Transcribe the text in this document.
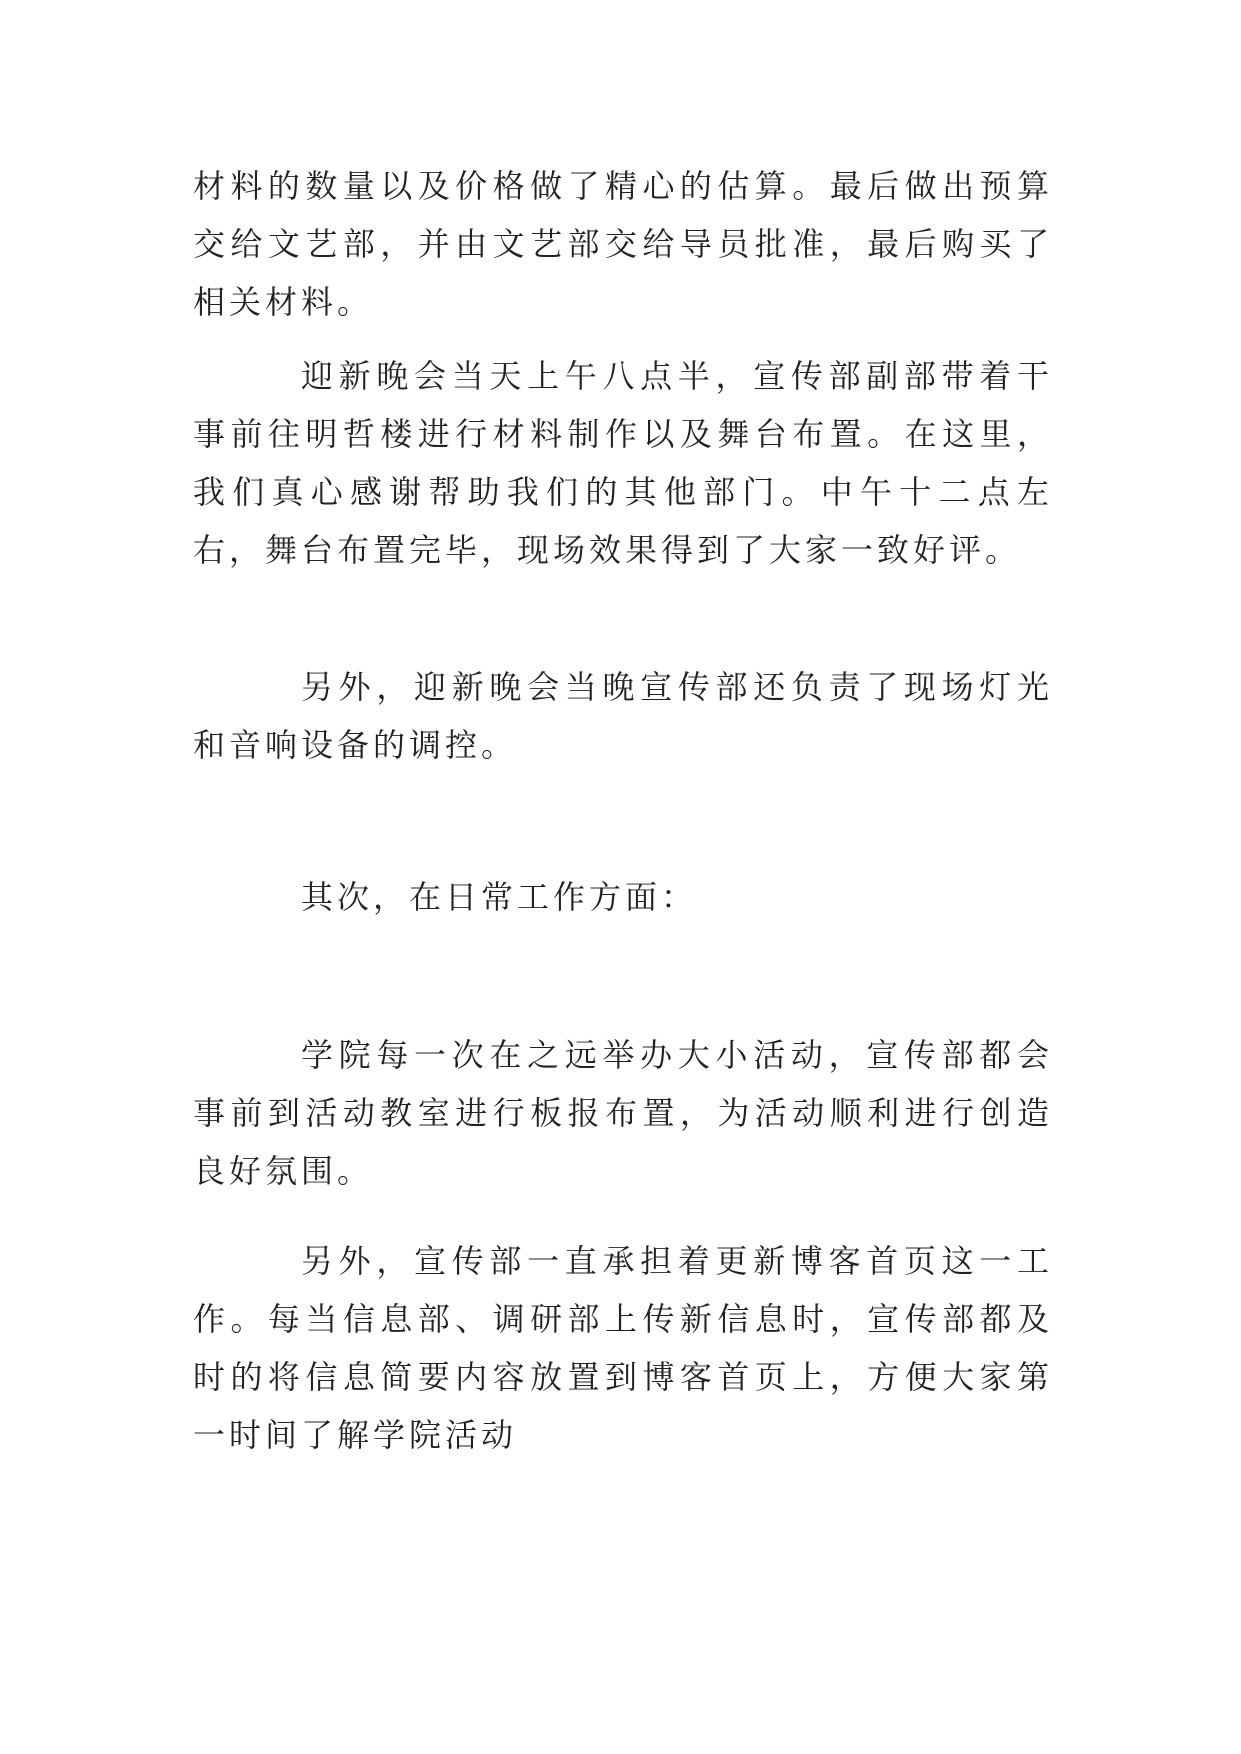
材料的数量以及价格做了精心的估算。最后做出预算交给文艺部，并由文艺部交给导员批准，最后购买了相关材料。

迎新晚会当天上午八点半，宣传部副部带着干事前往明哲楼进行材料制作以及舞台布置。在这里，我们真心感谢帮助我们的其他部门。中午十二点左右，舞台布置完毕，现场效果得到了大家一致好评。

另外，迎新晚会当晚宣传部还负责了现场灯光和音响设备的调控。

其次，在日常工作方面：

学院每一次在之远举办大小活动，宣传部都会事前到活动教室进行板报布置，为活动顺利进行创造良好氛围。

另外，宣传部一直承担着更新博客首页这一工作。每当信息部、调研部上传新信息时，宣传部都及时的将信息简要内容放置到博客首页上，方便大家第一时间了解学院活动
